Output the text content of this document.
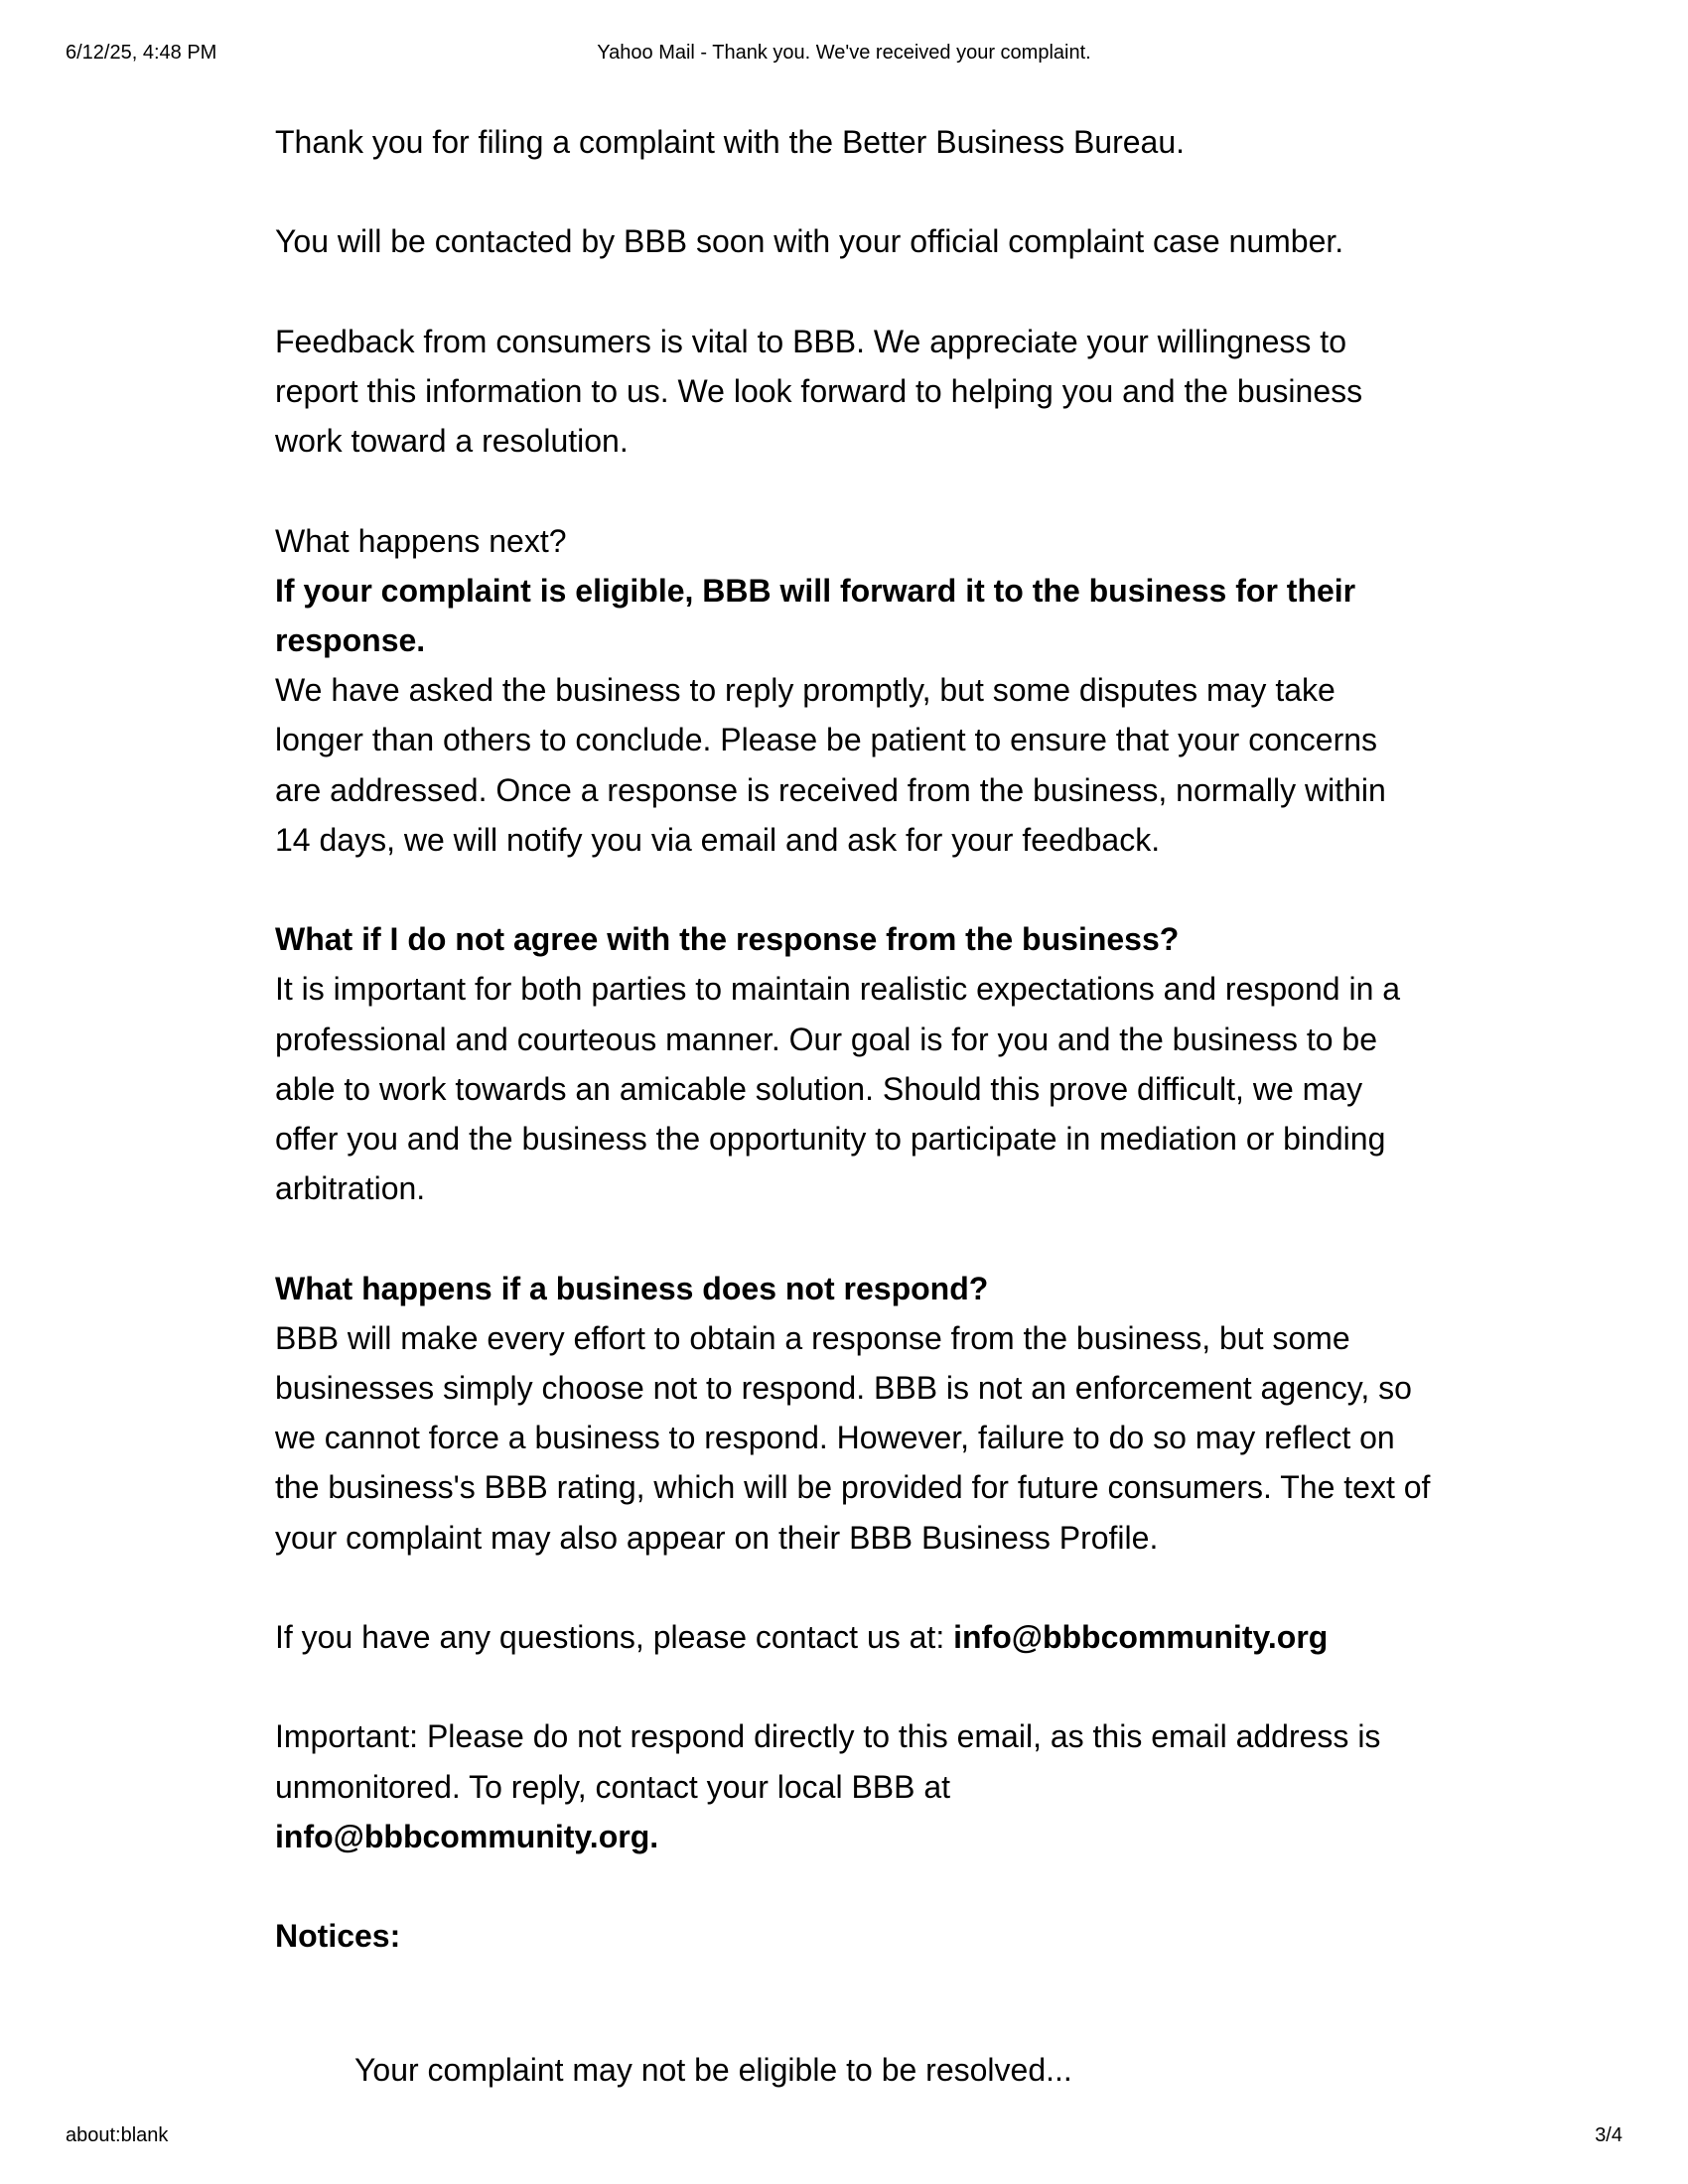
6/12/25, 4:48 PM	Yahoo Mail - Thank you. We've received your complaint.

Thank you for filing a complaint with the Better Business Bureau.

You will be contacted by BBB soon with your official complaint case number.

Feedback from consumers is vital to BBB. We appreciate your willingness to report this information to us. We look forward to helping you and the business work toward a resolution.

What happens next?
If your complaint is eligible, BBB will forward it to the business for their response.
We have asked the business to reply promptly, but some disputes may take longer than others to conclude. Please be patient to ensure that your concerns are addressed. Once a response is received from the business, normally within 14 days, we will notify you via email and ask for your feedback.

What if I do not agree with the response from the business?
It is important for both parties to maintain realistic expectations and respond in a professional and courteous manner. Our goal is for you and the business to be able to work towards an amicable solution. Should this prove difficult, we may offer you and the business the opportunity to participate in mediation or binding arbitration.

What happens if a business does not respond?
BBB will make every effort to obtain a response from the business, but some businesses simply choose not to respond. BBB is not an enforcement agency, so we cannot force a business to respond. However, failure to do so may reflect on the business's BBB rating, which will be provided for future consumers. The text of your complaint may also appear on their BBB Business Profile.

If you have any questions, please contact us at: info@bbbcommunity.org

Important: Please do not respond directly to this email, as this email address is unmonitored. To reply, contact your local BBB at
info@bbbcommunity.org.

Notices:

Your complaint may not be eligible to be resolved...
about:blank	3/4
